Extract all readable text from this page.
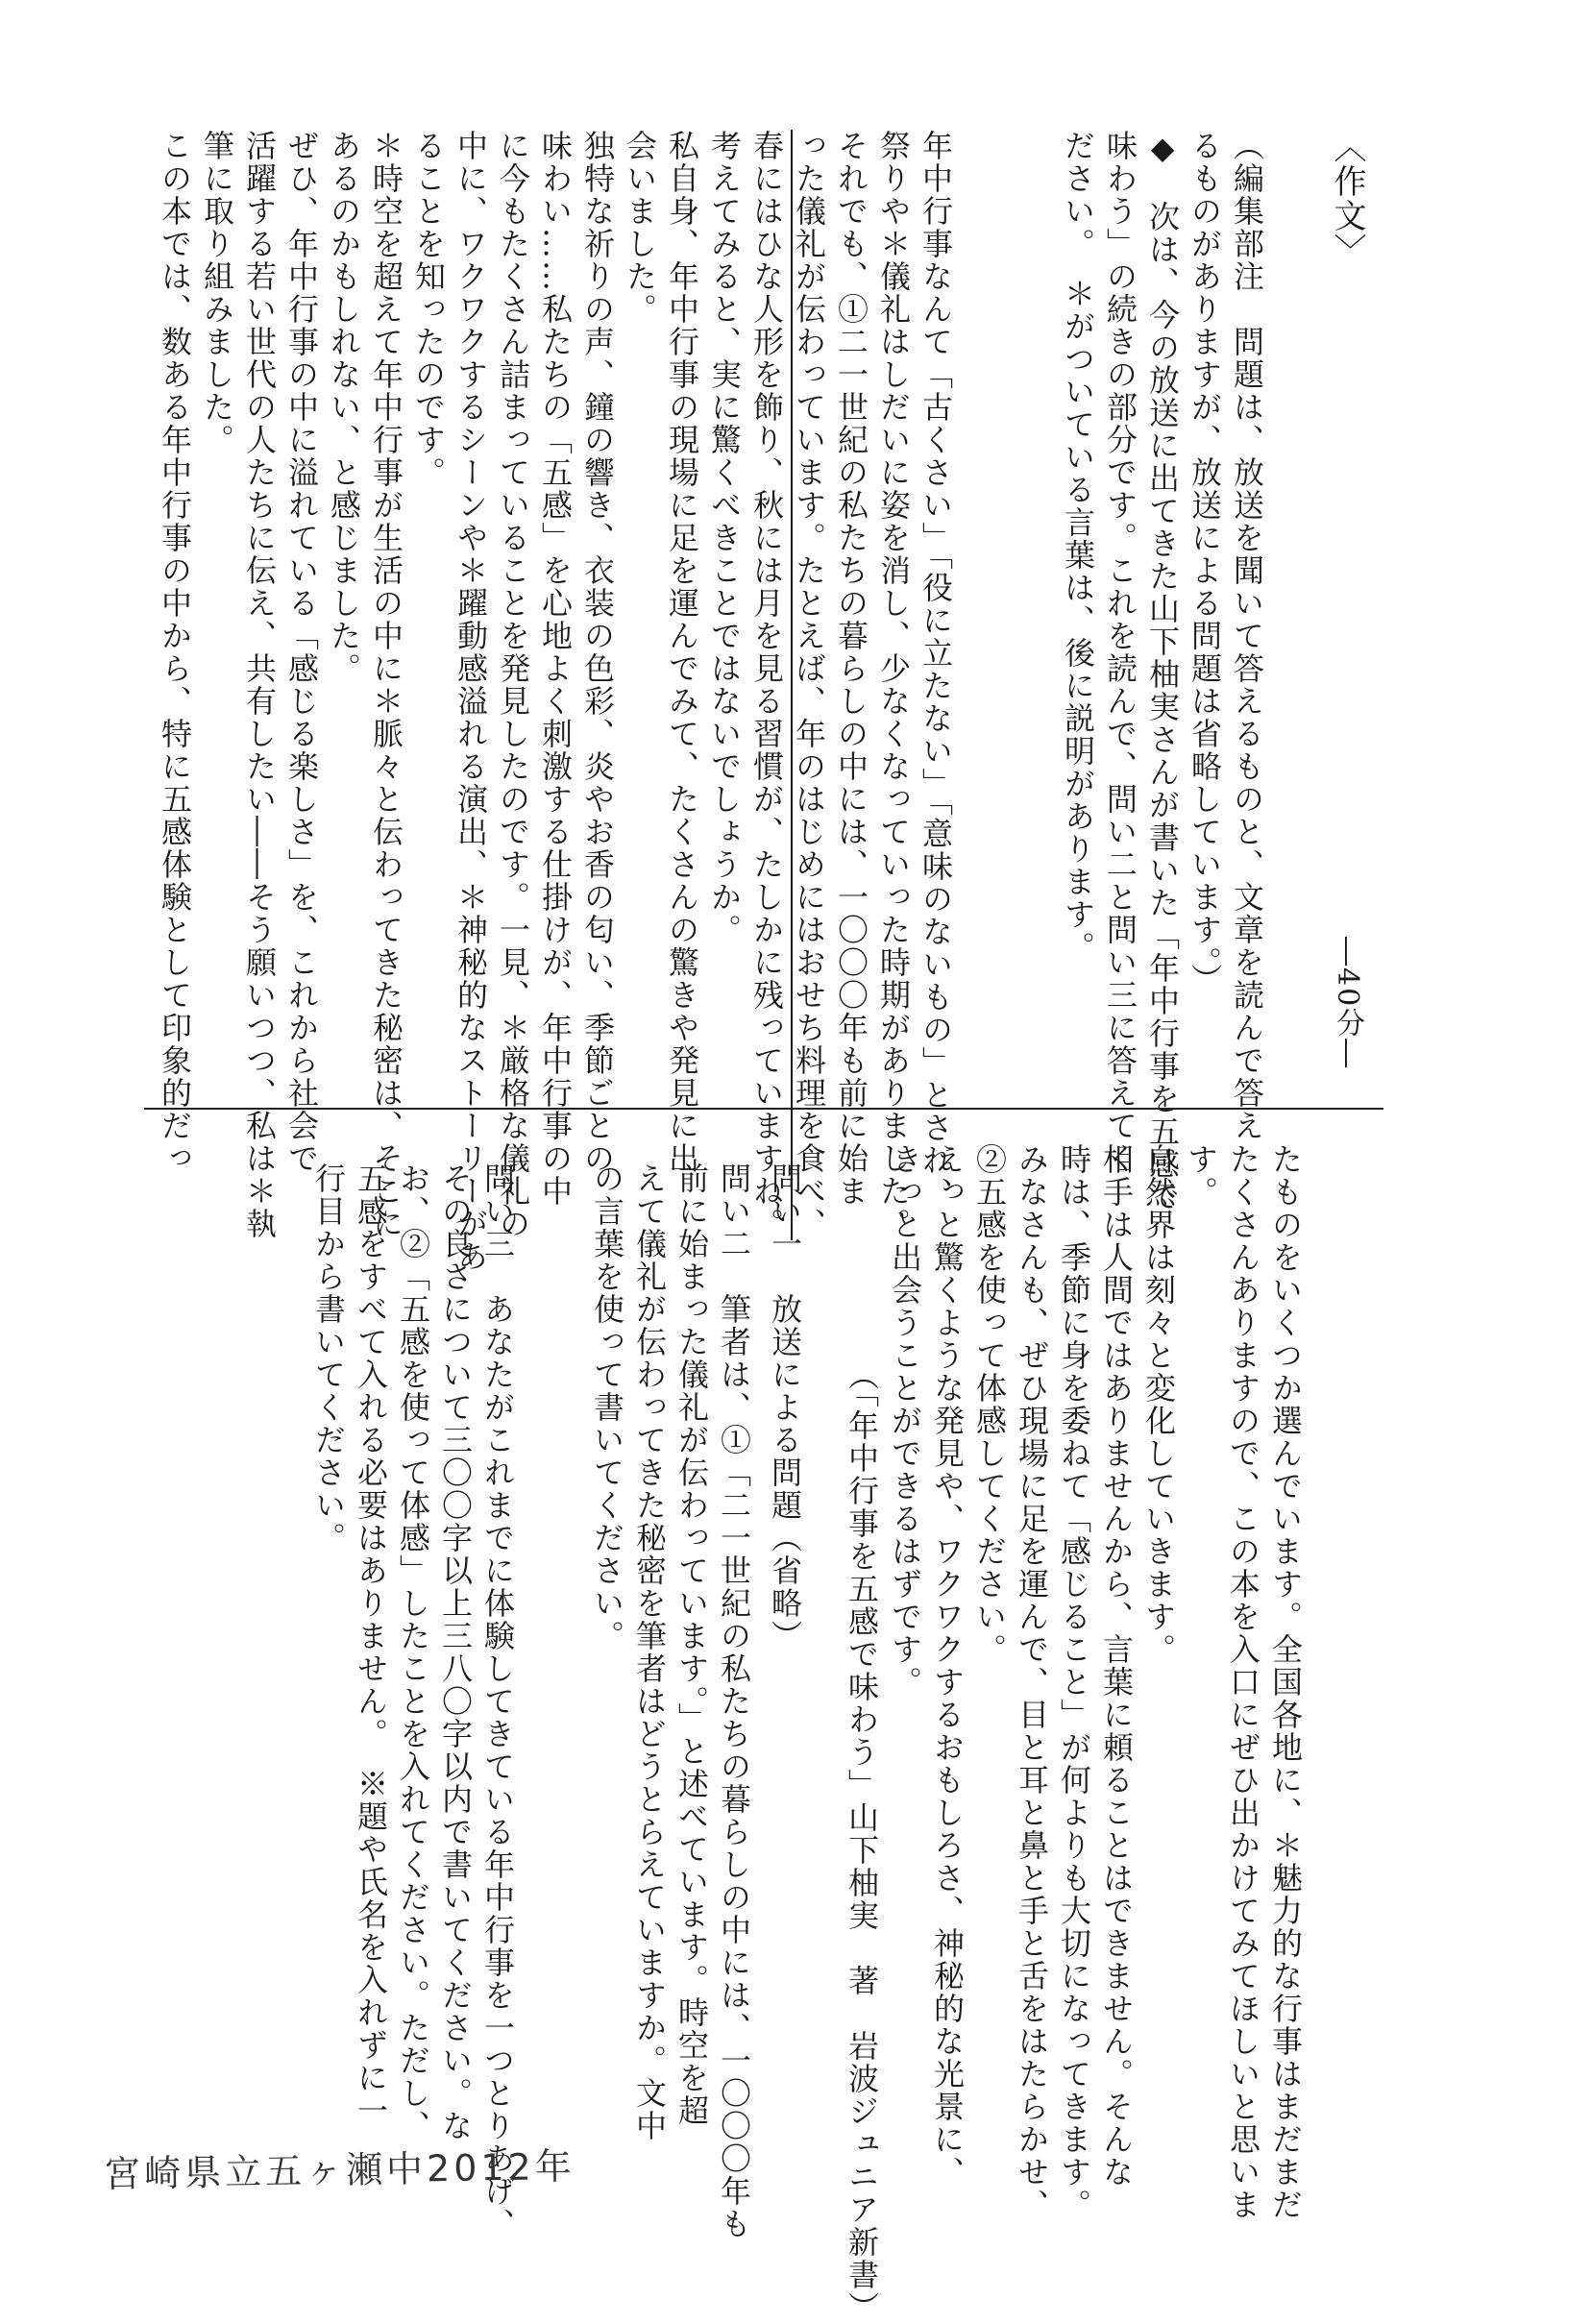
〈作文〉
―40分―
（編集部注　問題は、放送を聞いて答えるものと、文章を読んで答え
るものがありますが、放送による問題は省略しています。）
◆　次は、今の放送に出てきた山下柚実さんが書いた「年中行事を五感で
味わう」の続きの部分です。これを読んで、問い二と問い三に答えてく
ださい。　＊がついている言葉は、後に説明があります。
年中行事なんて「古くさい」「役に立たない」「意味のないもの」とされ、
祭りや＊儀礼はしだいに姿を消し、少なくなっていった時期がありました。
それでも、①二一世紀の私たちの暮らしの中には、一〇〇〇年も前に始ま
った儀礼が伝わっています。たとえば、年のはじめにはおせち料理を食べ、
春にはひな人形を飾り、秋には月を見る習慣が、たしかに残っていますね。
考えてみると、実に驚くべきことではないでしょうか。
私自身、年中行事の現場に足を運んでみて、たくさんの驚きや発見に出
会いました。
独特な祈りの声、鐘の響き、衣装の色彩、炎やお香の匂い、季節ごとの
味わい……私たちの「五感」を心地よく刺激する仕掛けが、年中行事の中
に今もたくさん詰まっていることを発見したのです。一見、＊厳格な儀礼の
中に、ワクワクするシーンや＊躍動感溢れる演出、＊神秘的なストーリーがあ
ることを知ったのです。
＊時空を超えて年中行事が生活の中に＊脈々と伝わってきた秘密は、そこに
あるのかもしれない、と感じました。
ぜひ、年中行事の中に溢れている「感じる楽しさ」を、これから社会で
活躍する若い世代の人たちに伝え、共有したい――そう願いつつ、私は＊執
筆に取り組みました。
この本では、数ある年中行事の中から、特に五感体験として印象的だっ
たものをいくつか選んでいます。全国各地に、＊魅力的な行事はまだまだ
たくさんありますので、この本を入口にぜひ出かけてみてほしいと思いま
す。
自然界は刻々と変化していきます。
相手は人間ではありませんから、言葉に頼ることはできません。そんな
時は、季節に身を委ねて「感じること」が何よりも大切になってきます。
みなさんも、ぜひ現場に足を運んで、目と耳と鼻と手と舌をはたらかせ、
②五感を使って体感してください。
えっと驚くような発見や、ワクワクするおもしろさ、神秘的な光景に、
きっと出会うことができるはずです。
（「年中行事を五感で味わう」山下柚実　著　岩波ジュニア新書）
問い一　放送による問題（省略）
問い二　筆者は、①「二一世紀の私たちの暮らしの中には、一〇〇〇年も
前に始まった儀礼が伝わっています。」と述べています。時空を超
えて儀礼が伝わってきた秘密を筆者はどうとらえていますか。文中
の言葉を使って書いてください。
問い三　あなたがこれまでに体験してきている年中行事を一つとりあげ、
その良さについて三〇〇字以上三八〇字以内で書いてください。な
お、②「五感を使って体感」したことを入れてください。ただし、
五感をすべて入れる必要はありません。　※題や氏名を入れずに一
行目から書いてください。
宮崎県立五ヶ瀬中2012年
